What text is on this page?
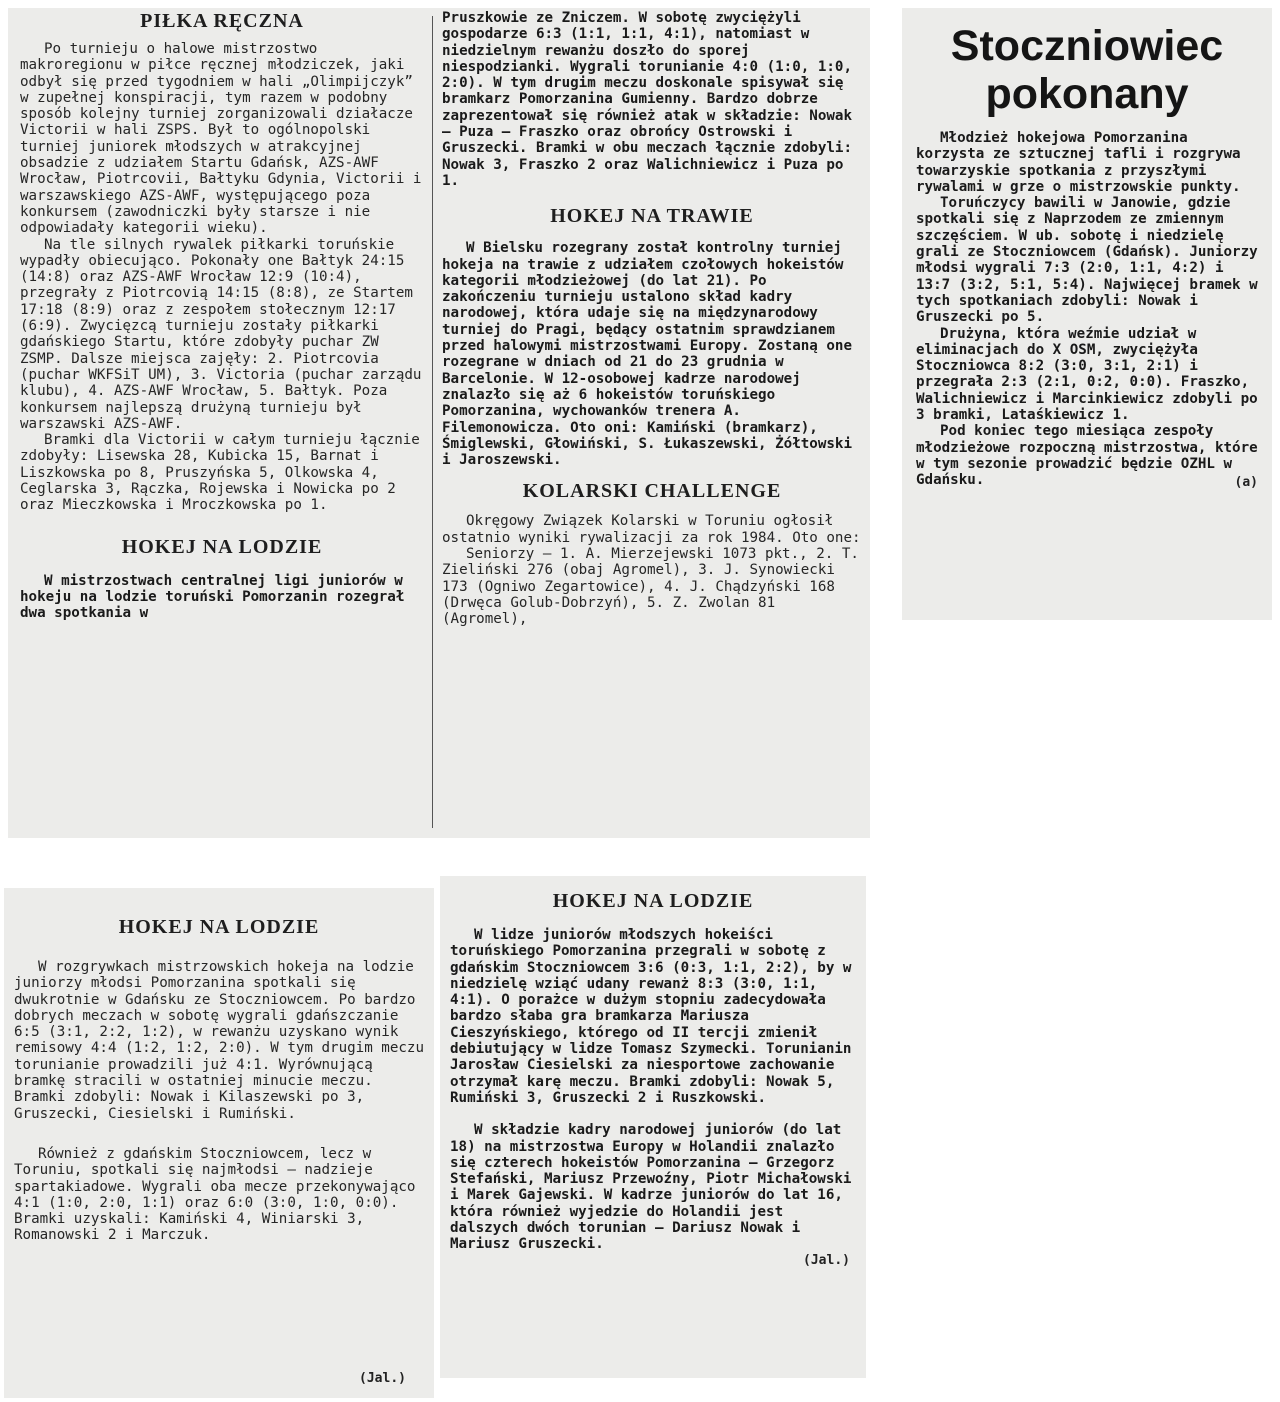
PIŁKA RĘCZNA

Po turnieju o halowe mistrzostwo makroregionu w piłce ręcznej młodziczek, jaki odbył się przed tygodniem w hali „Olimpijczyk” w zupełnej konspiracji, tym razem w podobny sposób kolejny turniej zorganizowali działacze Victorii w hali ZSPS. Był to ogólnopolski turniej juniorek młodszych w atrakcyjnej obsadzie z udziałem Startu Gdańsk, AZS-AWF Wrocław, Piotrcovii, Bałtyku Gdynia, Victorii i warszawskiego AZS-AWF, występującego poza konkursem (zawodniczki były starsze i nie odpowiadały kategorii wieku).

Na tle silnych rywalek piłkarki toruńskie wypadły obiecująco. Pokonały one Bałtyk 24:15 (14:8) oraz AZS-AWF Wrocław 12:9 (10:4), przegrały z Piotrcovią 14:15 (8:8), ze Startem 17:18 (8:9) oraz z zespołem stołecznym 12:17 (6:9). Zwycięzcą turnieju zostały piłkarki gdańskiego Startu, które zdobyły puchar ZW ZSMP. Dalsze miejsca zajęły: 2. Piotrcovia (puchar WKFSiT UM), 3. Victoria (puchar zarządu klubu), 4. AZS-AWF Wrocław, 5. Bałtyk. Poza konkursem najlepszą drużyną turnieju był warszawski AZS-AWF.

Bramki dla Victorii w całym turnieju łącznie zdobyły: Lisewska 28, Kubicka 15, Barnat i Liszkowska po 8, Pruszyńska 5, Olkowska 4, Ceglarska 3, Rączka, Rojewska i Nowicka po 2 oraz Mieczkowska i Mroczkowska po 1.

HOKEJ NA LODZIE

W mistrzostwach centralnej ligi juniorów w hokeju na lodzie toruński Pomorzanin rozegrał dwa spotkania w

Pruszkowie ze Zniczem. W sobotę zwyciężyli gospodarze 6:3 (1:1, 1:1, 4:1), natomiast w niedzielnym rewanżu doszło do sporej niespodzianki. Wygrali torunianie 4:0 (1:0, 1:0, 2:0). W tym drugim meczu doskonale spisywał się bramkarz Pomorzanina Gumienny. Bardzo dobrze zaprezentował się również atak w składzie: Nowak — Puza — Fraszko oraz obrońcy Ostrowski i Gruszecki. Bramki w obu meczach łącznie zdobyli: Nowak 3, Fraszko 2 oraz Walichniewicz i Puza po 1.

HOKEJ NA TRAWIE

W Bielsku rozegrany został kontrolny turniej hokeja na trawie z udziałem czołowych hokeistów kategorii młodzieżowej (do lat 21). Po zakończeniu turnieju ustalono skład kadry narodowej, która udaje się na międzynarodowy turniej do Pragi, będący ostatnim sprawdzianem przed halowymi mistrzostwami Europy. Zostaną one rozegrane w dniach od 21 do 23 grudnia w Barcelonie. W 12-osobowej kadrze narodowej znalazło się aż 6 hokeistów toruńskiego Pomorzanina, wychowanków trenera A. Filemonowicza. Oto oni: Kamiński (bramkarz), Śmiglewski, Głowiński, S. Łukaszewski, Żółtowski i Jaroszewski.

KOLARSKI CHALLENGE

Okręgowy Związek Kolarski w Toruniu ogłosił ostatnio wyniki rywalizacji za rok 1984. Oto one:

Seniorzy — 1. A. Mierzejewski 1073 pkt., 2. T. Zieliński 276 (obaj Agromel), 3. J. Synowiecki 173 (Ogniwo Zegartowice), 4. J. Chądzyński 168 (Drwęca Golub-Dobrzyń), 5. Z. Zwolan 81 (Agromel),

Stoczniowiec pokonany

Młodzież hokejowa Pomorzanina korzysta ze sztucznej tafli i rozgrywa towarzyskie spotkania z przyszłymi rywalami w grze o mistrzowskie punkty.

Toruńczycy bawili w Janowie, gdzie spotkali się z Naprzodem ze zmiennym szczęściem. W ub. sobotę i niedzielę grali ze Stoczniowcem (Gdańsk). Juniorzy młodsi wygrali 7:3 (2:0, 1:1, 4:2) i 13:7 (3:2, 5:1, 5:4). Najwięcej bramek w tych spotkaniach zdobyli: Nowak i Gruszecki po 5.

Drużyna, która weźmie udział w eliminacjach do X OSM, zwyciężyła Stoczniowca 8:2 (3:0, 3:1, 2:1) i przegrała 2:3 (2:1, 0:2, 0:0). Fraszko, Walichniewicz i Marcinkiewicz zdobyli po 3 bramki, Lataśkiewicz 1.

Pod koniec tego miesiąca zespoły młodzieżowe rozpoczną mistrzostwa, które w tym sezonie prowadzić będzie OZHL w Gdańsku.	(a)

HOKEJ NA LODZIE

W rozgrywkach mistrzowskich hokeja na lodzie juniorzy młodsi Pomorzanina spotkali się dwukrotnie w Gdańsku ze Stoczniowcem. Po bardzo dobrych meczach w sobotę wygrali gdańszczanie 6:5 (3:1, 2:2, 1:2), w rewanżu uzyskano wynik remisowy 4:4 (1:2, 1:2, 2:0). W tym drugim meczu torunianie prowadzili już 4:1. Wyrównującą bramkę stracili w ostatniej minucie meczu. Bramki zdobyli: Nowak i Kilaszewski po 3, Gruszecki, Ciesielski i Rumiński.

Również z gdańskim Stoczniowcem, lecz w Toruniu, spotkali się najmłodsi — nadzieje spartakiadowe. Wygrali oba mecze przekonywająco 4:1 (1:0, 2:0, 1:1) oraz 6:0 (3:0, 1:0, 0:0). Bramki uzyskali: Kamiński 4, Winiarski 3, Romanowski 2 i Marczuk.

(Jal.)

HOKEJ NA LODZIE

W lidze juniorów młodszych hokeiści toruńskiego Pomorzanina przegrali w sobotę z gdańskim Stoczniowcem 3:6 (0:3, 1:1, 2:2), by w niedzielę wziąć udany rewanż 8:3 (3:0, 1:1, 4:1). O porażce w dużym stopniu zadecydowała bardzo słaba gra bramkarza Mariusza Cieszyńskiego, którego od II tercji zmienił debiutujący w lidze Tomasz Szymecki. Torunianin Jarosław Ciesielski za niesportowe zachowanie otrzymał karę meczu. Bramki zdobyli: Nowak 5, Rumiński 3, Gruszecki 2 i Ruszkowski.

W składzie kadry narodowej juniorów (do lat 18) na mistrzostwa Europy w Holandii znalazło się czterech hokeistów Pomorzanina — Grzegorz Stefański, Mariusz Przewoźny, Piotr Michałowski i Marek Gajewski. W kadrze juniorów do lat 16, która również wyjedzie do Holandii jest dalszych dwóch torunian — Dariusz Nowak i Mariusz Gruszecki.

(Jal.)
